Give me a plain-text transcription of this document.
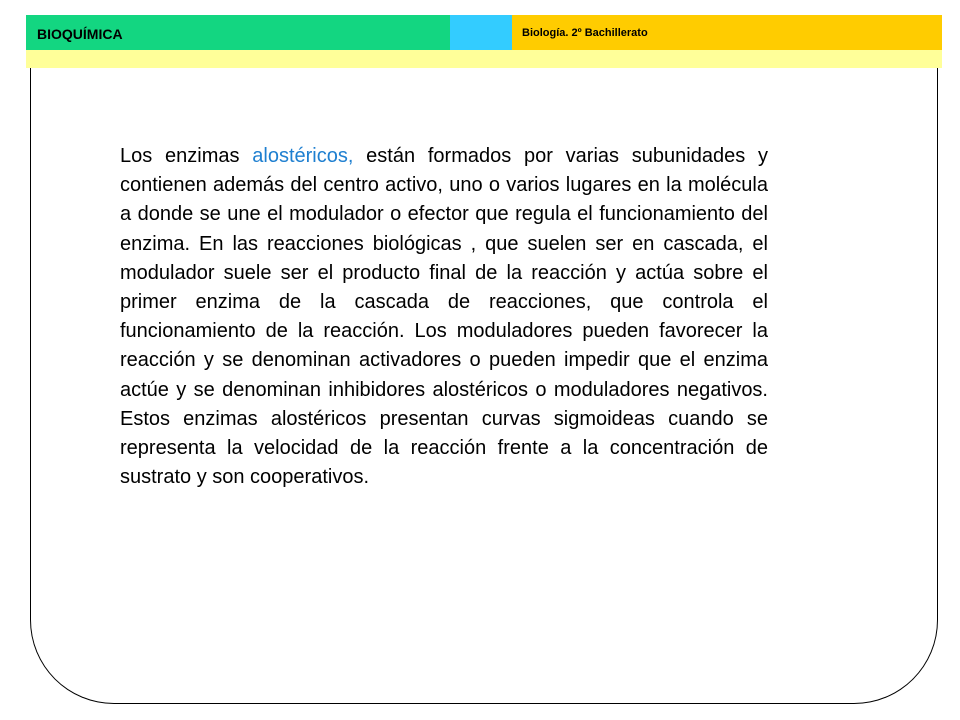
BIOQUÍMICA	Biología. 2º Bachillerato

Los enzimas alostéricos, están formados por varias subunidades y contienen además del centro activo, uno o varios lugares en la molécula a donde se une el modulador o efector que regula el funcionamiento del enzima. En las reacciones biológicas , que suelen ser en cascada, el modulador suele ser el producto final de la reacción y actúa sobre el primer enzima de la cascada de reacciones, que controla el funcionamiento de la reacción. Los moduladores pueden favorecer la reacción y se denominan activadores o pueden impedir que el enzima actúe y se denominan inhibidores alostéricos o moduladores negativos. Estos enzimas alostéricos presentan curvas sigmoideas cuando se representa la velocidad de la reacción frente a la concentración de sustrato y son cooperativos.
